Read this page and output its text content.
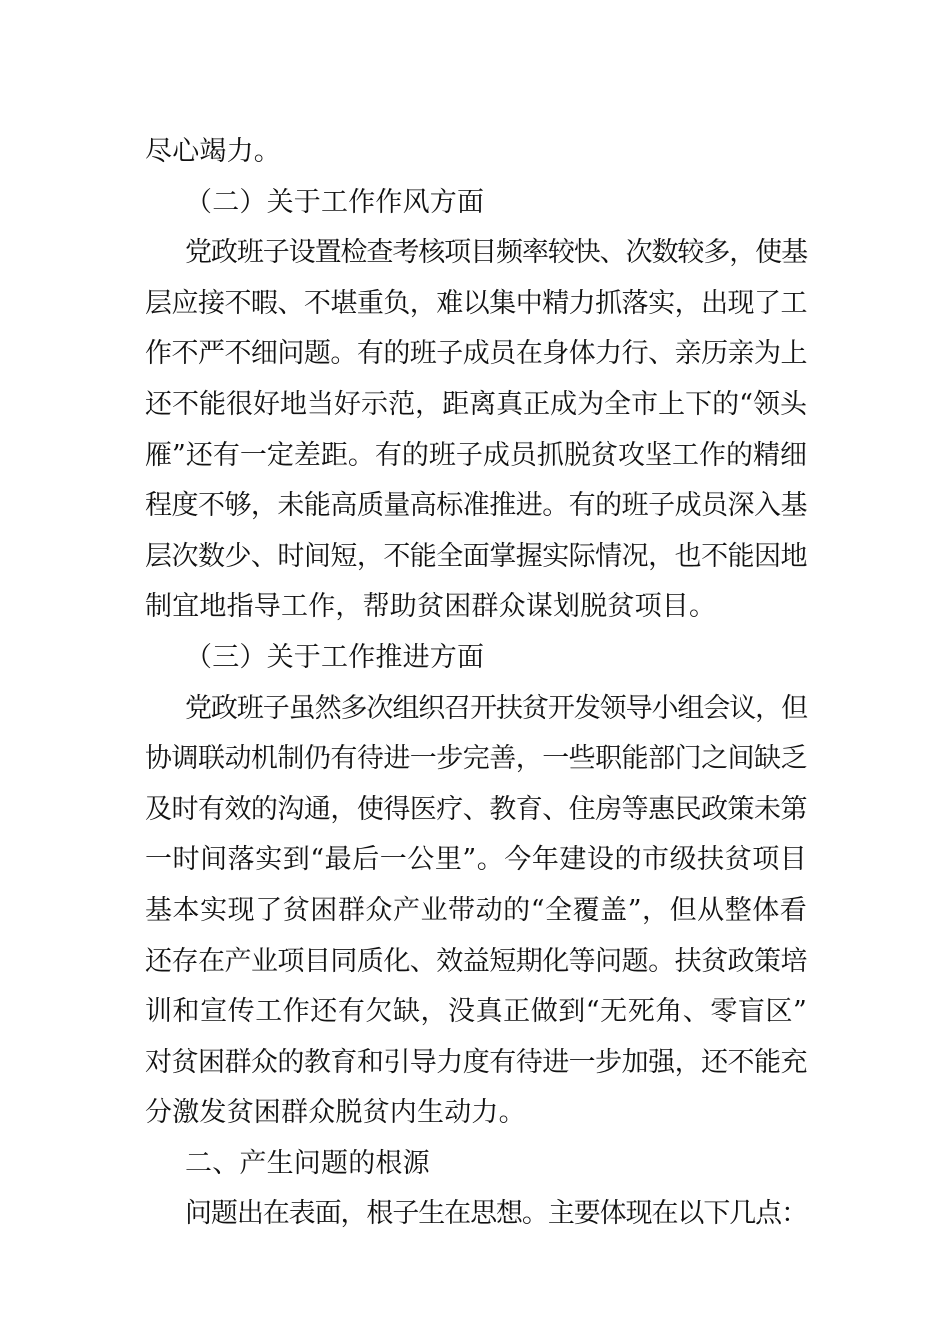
尽心竭力。
（二）关于工作作风方面
党政班子设置检查考核项目频率较快、次数较多，使基
层应接不暇、不堪重负，难以集中精力抓落实，出现了工
作不严不细问题。有的班子成员在身体力行、亲历亲为上
还不能很好地当好示范，距离真正成为全市上下的“领头
雁”还有一定差距。有的班子成员抓脱贫攻坚工作的精细
程度不够，未能高质量高标准推进。有的班子成员深入基
层次数少、时间短，不能全面掌握实际情况，也不能因地
制宜地指导工作，帮助贫困群众谋划脱贫项目。
（三）关于工作推进方面
党政班子虽然多次组织召开扶贫开发领导小组会议，但
协调联动机制仍有待进一步完善，一些职能部门之间缺乏
及时有效的沟通，使得医疗、教育、住房等惠民政策未第
一时间落实到“最后一公里”。今年建设的市级扶贫项目
基本实现了贫困群众产业带动的“全覆盖”，但从整体看
还存在产业项目同质化、效益短期化等问题。扶贫政策培
训和宣传工作还有欠缺，没真正做到“无死角、零盲区”
对贫困群众的教育和引导力度有待进一步加强，还不能充
分激发贫困群众脱贫内生动力。
二、产生问题的根源
问题出在表面，根子生在思想。主要体现在以下几点：
